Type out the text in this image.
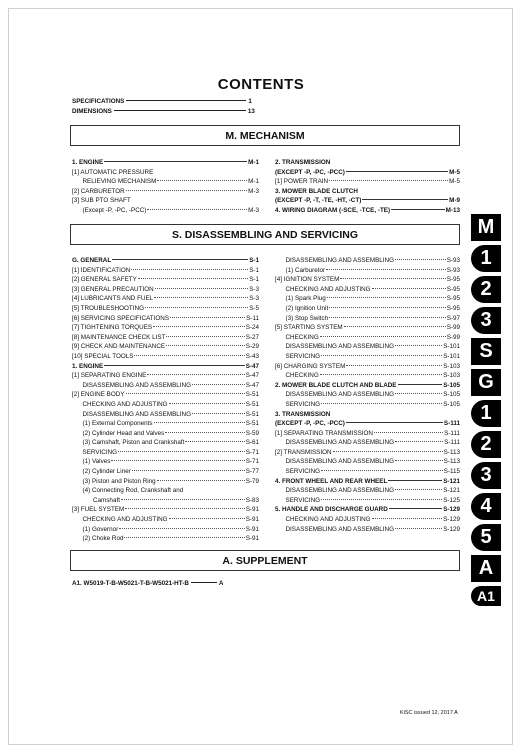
CONTENTS
SPECIFICATIONS	1
DIMENSIONS	13
M. MECHANISM
1. ENGINE	M-1
[1] AUTOMATIC PRESSURE
RELIEVING MECHANISM	M-1
[2] CARBURETOR	M-3
[3] SUB PTO SHAFT
(Except -P, -PC, -PCC)	M-3
2. TRANSMISSION
(EXCEPT -P, -PC, -PCC)	M-5
[1] POWER TRAIN	M-5
3. MOWER BLADE CLUTCH
(EXCEPT -P, -T, -TE, -HT, -CT)	M-9
4. WIRING DIAGRAM (-SCE, -TCE, -TE)	M-13
S. DISASSEMBLING AND SERVICING
G. GENERAL	S-1
[1] IDENTIFICATION	S-1
[2] GENERAL SAFETY	S-1
[3] GENERAL PRECAUTION	S-3
[4] LUBRICANTS AND FUEL	S-3
[5] TROUBLESHOOTING	S-5
[6] SERVICING SPECIFICATIONS	S-11
[7] TIGHTENING TORQUES	S-24
[8] MAINTENANCE CHECK LIST	S-27
[9] CHECK AND MAINTENANCE	S-29
[10] SPECIAL TOOLS	S-43
1. ENGINE	S-47
[1] SEPARATING ENGINE	S-47
DISASSEMBLING AND ASSEMBLING	S-47
[2] ENGINE BODY	S-51
CHECKING AND ADJUSTING	S-51
DISASSEMBLING AND ASSEMBLING	S-51
(1) External Components	S-51
(2) Cylinder Head and Valves	S-59
(3) Camshaft, Piston and Crankshaft	S-61
SERVICING	S-71
(1) Valves	S-71
(2) Cylinder Liner	S-77
(3) Piston and Piston Ring	S-79
(4) Connecting Rod, Crankshaft and
Camshaft	S-83
[3] FUEL SYSTEM	S-91
CHECKING AND ADJUSTING	S-91
(1) Governor	S-91
(2) Choke Rod	S-91
DISASSEMBLING AND ASSEMBLING	S-93
(1) Carburetor	S-93
[4] IGNITION SYSTEM	S-95
CHECKING AND ADJUSTING	S-95
(1) Spark Plug	S-95
(2) Ignition Unit	S-95
(3) Stop Switch	S-97
[5] STARTING SYSTEM	S-99
CHECKING	S-99
DISASSEMBLING AND ASSEMBLING	S-101
SERVICING	S-101
[6] CHARGING SYSTEM	S-103
CHECKING	S-103
2. MOWER BLADE CLUTCH AND BLADE	S-105
DISASSEMBLING AND ASSEMBLING	S-105
SERVICING	S-105
3. TRANSMISSION
(EXCEPT -P, -PC, -PCC)	S-111
[1] SEPARATING TRANSMISSION	S-111
DISASSEMBLING AND ASSEMBLING	S-111
[2] TRANSMISSION	S-113
DISASSEMBLING AND ASSEMBLING	S-113
SERVICING	S-115
4. FRONT WHEEL AND REAR WHEEL	S-121
DISASSEMBLING AND ASSEMBLING	S-121
SERVICING	S-125
5. HANDLE AND DISCHARGE GUARD	S-129
CHECKING AND ADJUSTING	S-129
DISASSEMBLING AND ASSEMBLING	S-129
A. SUPPLEMENT
A1. W5019-T-B-W5021-T-B-W5021-HT-B	A
M
1
2
3
S
G
1
2
3
4
5
A
A1
KiSC issued 12, 2017 A
